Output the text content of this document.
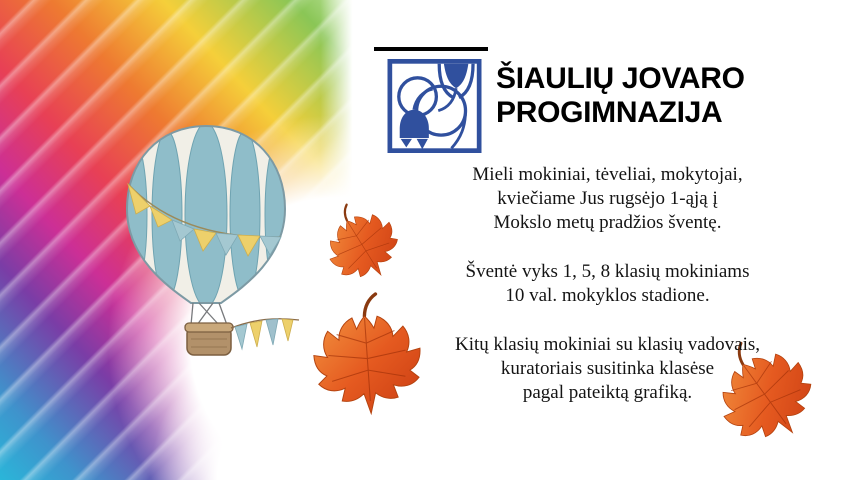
ŠIAULIŲ JOVARO
PROGIMNAZIJA

Mieli mokiniai, tėveliai, mokytojai,
kviečiame Jus rugsėjo 1-ąją į
Mokslo metų pradžios šventę.

Šventė vyks 1, 5, 8 klasių mokiniams
10 val. mokyklos stadione.

Kitų klasių mokiniai su klasių vadovais,
kuratoriais susitinka klasėse
pagal pateiktą grafiką.
